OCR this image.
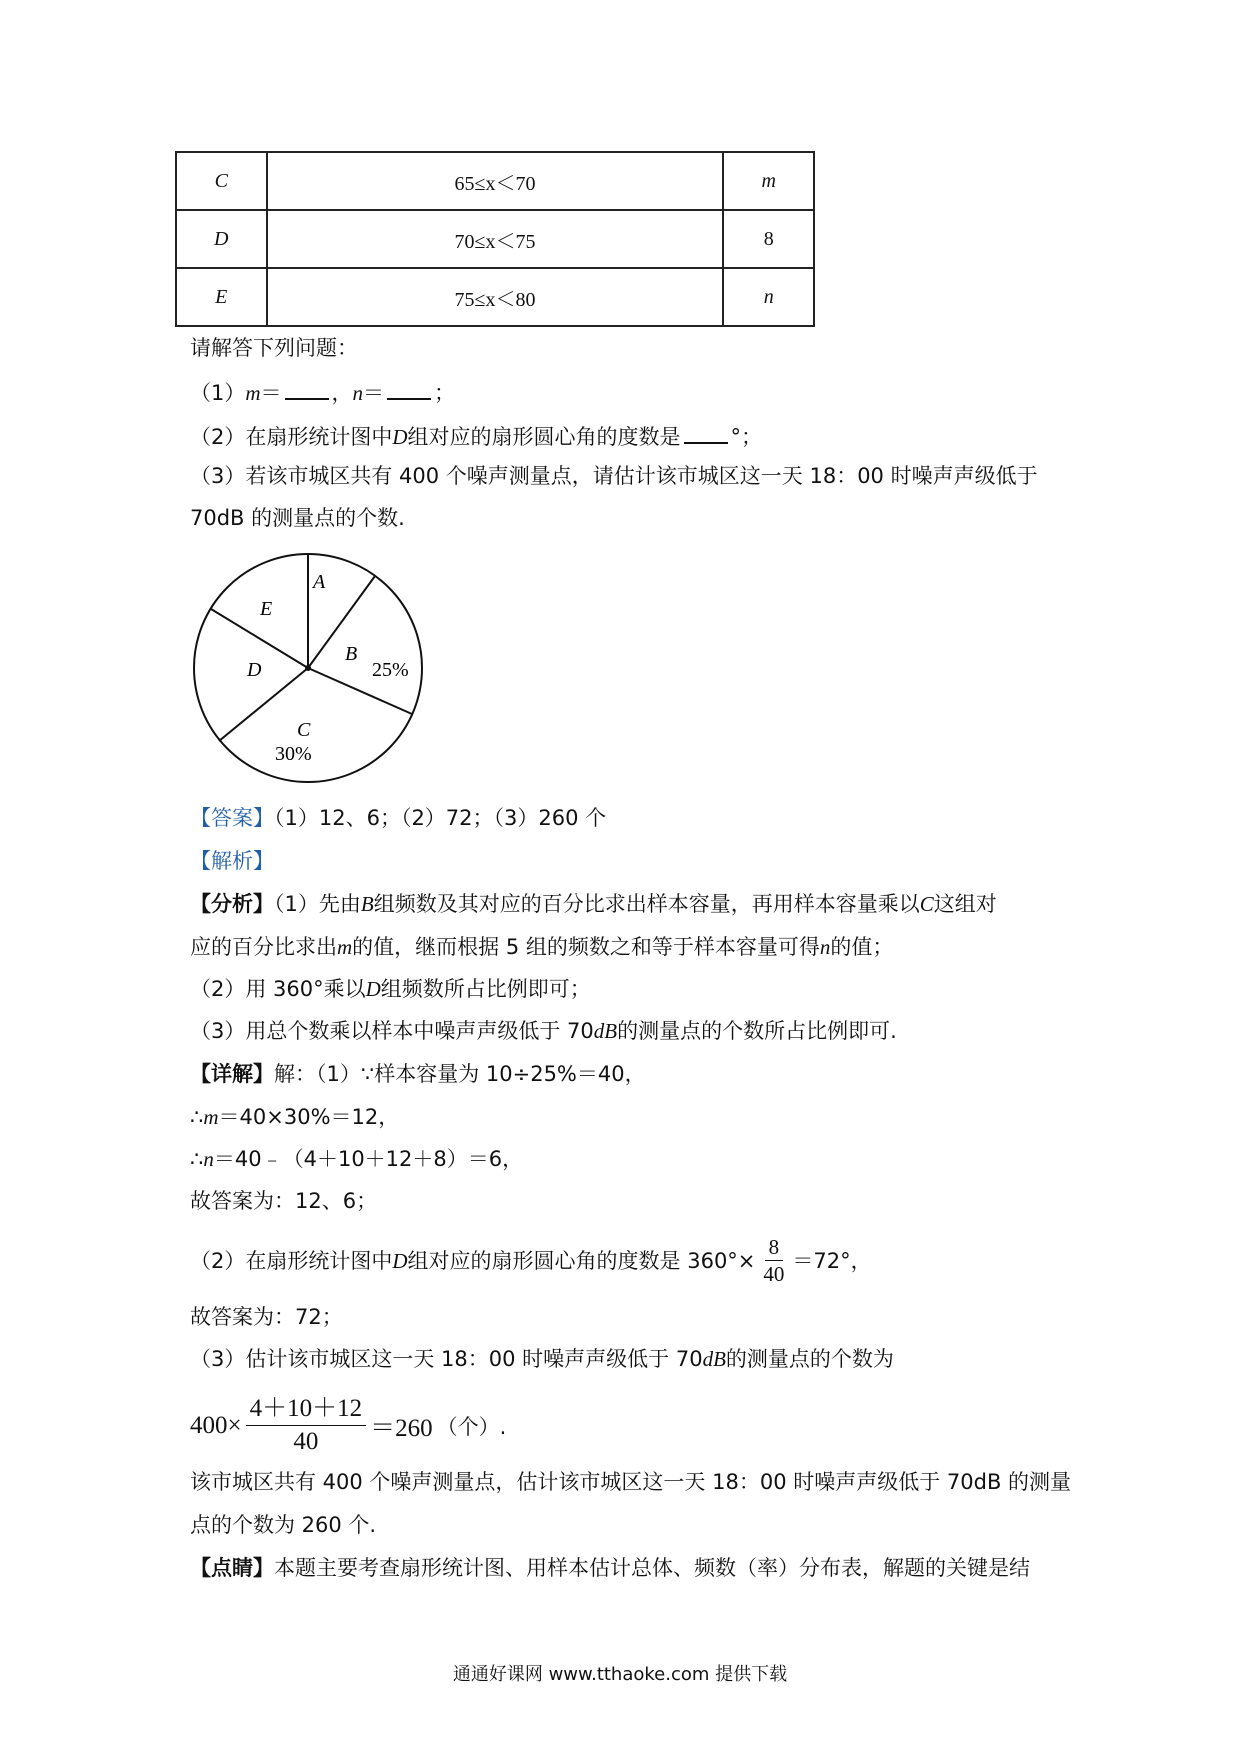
C	65≤x＜70	m
D	70≤x＜75	8
E	75≤x＜80	n
请解答下列问题：
（1）m＝ ，n＝ ；
（2）在扇形统计图中D组对应的扇形圆心角的度数是 °；
（3）若该市城区共有 400 个噪声测量点，请估计该市城区这一天 18：00 时噪声声级低于
70dB 的测量点的个数.
A
E
B
25%
D
C
30%
【答案】（1）12、6；（2）72；（3）260 个
【解析】
【分析】（1）先由B组频数及其对应的百分比求出样本容量，再用样本容量乘以C这组对
应的百分比求出m的值，继而根据 5 组的频数之和等于样本容量可得n的值；
（2）用 360°乘以D组频数所占比例即可；
（3）用总个数乘以样本中噪声声级低于 70dB的测量点的个数所占比例即可.
【详解】解：（1）∵样本容量为 10÷25%＝40，
∴m＝40×30%＝12，
∴n＝40﹣（4＋10＋12＋8）＝6，
故答案为：12、6；
（2）在扇形统计图中 D 组对应的扇形圆心角的度数是 $360^\circ\times \frac{8}{40} =72^\circ$，
故答案为：72；
（3）估计该市城区这一天 18：00 时噪声声级低于 70dB的测量点的个数为
$400\times \frac{4+10+12}{40} =260$ （个）.
该市城区共有 400 个噪声测量点，估计该市城区这一天 18：00 时噪声声级低于 70dB 的测量
点的个数为 260 个.
【点睛】本题主要考查扇形统计图、用样本估计总体、频数（率）分布表，解题的关键是结
通通好课网 www.tthaoke.com 提供下载
